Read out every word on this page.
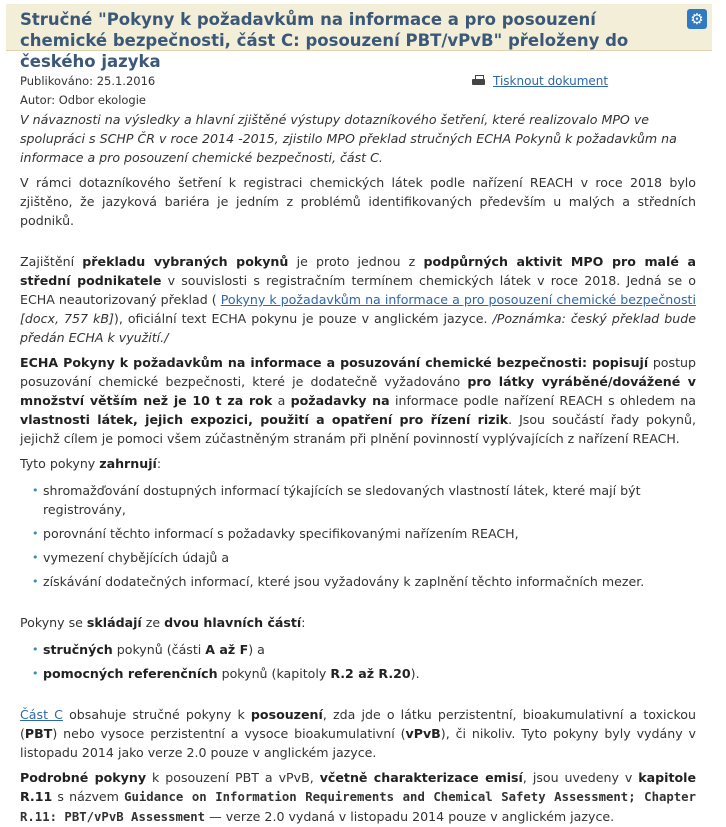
Stručné "Pokyny k požadavkům na informace a pro posouzení chemické bezpečnosti, část C: posouzení PBT/vPvB" přeloženy do českého jazyka
⚙
Tisknout dokument

Publikováno: 25.1.2016

Autor: Odbor ekologie

V návaznosti na výsledky a hlavní zjištěné výstupy dotazníkového šetření, které realizovalo MPO ve spolupráci s SCHP ČR v roce 2014 -2015, zjistilo MPO překlad stručných ECHA Pokynů k požadavkům na informace a pro posouzení chemické bezpečnosti, část C.

V rámci dotazníkového šetření k registraci chemických látek podle nařízení REACH v roce 2018 bylo zjištěno, že jazyková bariéra je jedním z problémů identifikovaných především u malých a středních podniků.

Zajištění překladu vybraných pokynů je proto jednou z podpůrných aktivit MPO pro malé a střední podnikatele v souvislosti s registračním termínem chemických látek v roce 2018. Jedná se o ECHA neautorizovaný překlad ( Pokyny k požadavkům na informace a pro posouzení chemické bezpečnosti [docx, 757 kB]), oficiální text ECHA pokynu je pouze v anglickém jazyce. /Poznámka: český překlad bude předán ECHA k využití./

ECHA Pokyny k požadavkům na informace a posuzování chemické bezpečnosti: popisují postup posuzování chemické bezpečnosti, které je dodatečně vyžadováno pro látky vyráběné/dovážené v množství větším než je 10 t za rok a požadavky na informace podle nařízení REACH s ohledem na vlastnosti látek, jejich expozici, použití a opatření pro řízení rizik. Jsou součástí řady pokynů, jejichž cílem je pomoci všem zúčastněným stranám při plnění povinností vyplývajících z nařízení REACH.

Tyto pokyny zahrnují:

• shromažďování dostupných informací týkajících se sledovaných vlastností látek, které mají být registrovány,
• porovnání těchto informací s požadavky specifikovanými nařízením REACH,
• vymezení chybějících údajů a
• získávání dodatečných informací, které jsou vyžadovány k zaplnění těchto informačních mezer.

Pokyny se skládají ze dvou hlavních částí:

• stručných pokynů (části A až F) a
• pomocných referenčních pokynů (kapitoly R.2 až R.20).

Část C obsahuje stručné pokyny k posouzení, zda jde o látku perzistentní, bioakumulativní a toxickou (PBT) nebo vysoce perzistentní a vysoce bioakumulativní (vPvB), či nikoliv. Tyto pokyny byly vydány v listopadu 2014 jako verze 2.0 pouze v anglickém jazyce.

Podrobné pokyny k posouzení PBT a vPvB, včetně charakterizace emisí, jsou uvedeny v kapitole R.11 s názvem Guidance on Information Requirements and Chemical Safety Assessment; Chapter R.11: PBT/vPvB Assessment — verze 2.0 vydaná v listopadu 2014 pouze v anglickém jazyce.
